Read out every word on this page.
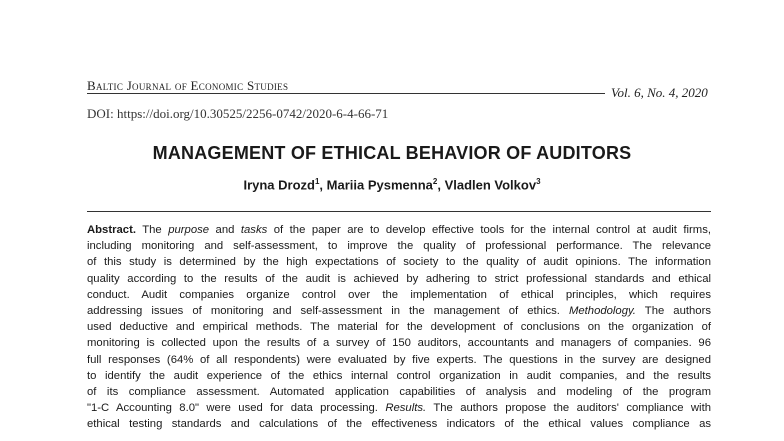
Baltic Journal of Economic Studies	Vol. 6, No. 4, 2020
DOI: https://doi.org/10.30525/2256-0742/2020-6-4-66-71
MANAGEMENT OF ETHICAL BEHAVIOR OF AUDITORS
Iryna Drozd$^1$, Mariia Pysmenna$^2$, Vladlen Volkov$^3$
Abstract. The purpose and tasks of the paper are to develop effective tools for the internal control at audit firms,
including monitoring and self-assessment, to improve the quality of professional performance. The relevance
of this study is determined by the high expectations of society to the quality of audit opinions. The information
quality according to the results of the audit is achieved by adhering to strict professional standards and ethical
conduct. Audit companies organize control over the implementation of ethical principles, which requires
addressing issues of monitoring and self-assessment in the management of ethics. Methodology. The authors
used deductive and empirical methods. The material for the development of conclusions on the organization of
monitoring is collected upon the results of a survey of 150 auditors, accountants and managers of companies. 96
full responses (64% of all respondents) were evaluated by five experts. The questions in the survey are designed
to identify the audit experience of the ethics internal control organization in audit companies, and the results
of its compliance assessment. Automated application capabilities of analysis and modeling of the program
"1-C Accounting 8.0" were used for data processing. Results. The authors propose the auditors' compliance with
ethical testing standards and calculations of the effectiveness indicators of the ethical values compliance as
